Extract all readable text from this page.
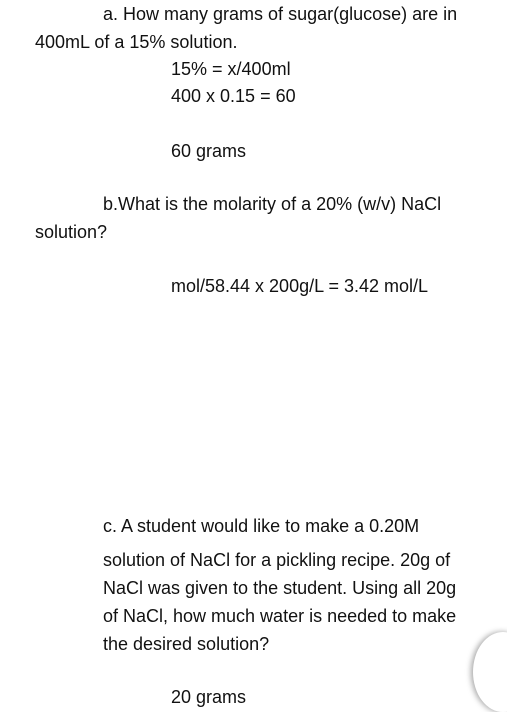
a. How many grams of sugar(glucose) are in
400mL of a 15% solution.
15% = x/400ml
400 x 0.15 = 60
60 grams
b.What is the molarity of a 20% (w/v) NaCl
solution?
mol/58.44 x 200g/L = 3.42 mol/L
c. A student would like to make a 0.20M
solution of NaCl for a pickling recipe. 20g of
NaCl was given to the student. Using all 20g
of NaCl, how much water is needed to make
the desired solution?
20 grams
